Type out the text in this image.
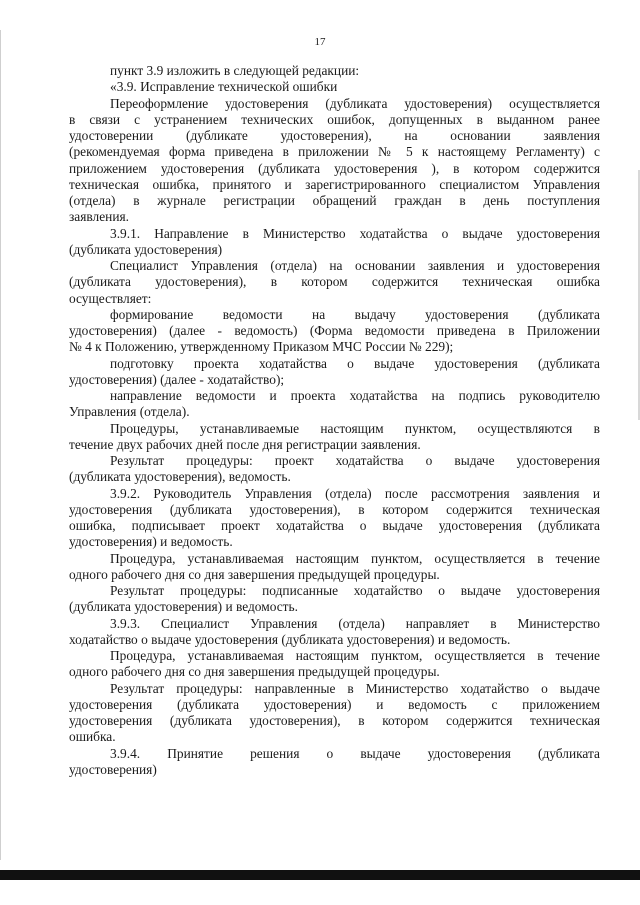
17
пункт 3.9 изложить в следующей редакции:
«3.9. Исправление технической ошибки
Переоформление удостоверения (дубликата удостоверения) осуществляется
в связи с устранением технических ошибок, допущенных в выданном ранее
удостоверении (дубликате удостоверения), на основании заявления
(рекомендуемая форма приведена в приложении № 5 к настоящему Регламенту) с
приложением удостоверения (дубликата удостоверения ), в котором содержится
техническая ошибка, принятого и зарегистрированного специалистом Управления
(отдела) в журнале регистрации обращений граждан в день поступления
заявления.
3.9.1. Направление в Министерство ходатайства о выдаче удостоверения
(дубликата удостоверения)
Специалист Управления (отдела) на основании заявления и удостоверения
(дубликата удостоверения), в котором содержится техническая ошибка
осуществляет:
формирование ведомости на выдачу удостоверения (дубликата
удостоверения) (далее - ведомость) (Форма ведомости приведена в Приложении
№ 4 к Положению, утвержденному Приказом МЧС России № 229);
подготовку проекта ходатайства о выдаче удостоверения (дубликата
удостоверения) (далее - ходатайство);
направление ведомости и проекта ходатайства на подпись руководителю
Управления (отдела).
Процедуры, устанавливаемые настоящим пунктом, осуществляются в
течение двух рабочих дней после дня регистрации заявления.
Результат процедуры: проект ходатайства о выдаче удостоверения
(дубликата удостоверения), ведомость.
3.9.2. Руководитель Управления (отдела) после рассмотрения заявления и
удостоверения (дубликата удостоверения), в котором содержится техническая
ошибка, подписывает проект ходатайства о выдаче удостоверения (дубликата
удостоверения) и ведомость.
Процедура, устанавливаемая настоящим пунктом, осуществляется в течение
одного рабочего дня со дня завершения предыдущей процедуры.
Результат процедуры: подписанные ходатайство о выдаче удостоверения
(дубликата удостоверения) и ведомость.
3.9.3. Специалист Управления (отдела) направляет в Министерство
ходатайство о выдаче удостоверения (дубликата удостоверения) и ведомость.
Процедура, устанавливаемая настоящим пунктом, осуществляется в течение
одного рабочего дня со дня завершения предыдущей процедуры.
Результат процедуры: направленные в Министерство ходатайство о выдаче
удостоверения (дубликата удостоверения) и ведомость с приложением
удостоверения (дубликата удостоверения), в котором содержится техническая
ошибка.
3.9.4. Принятие решения о выдаче удостоверения (дубликата
удостоверения)
